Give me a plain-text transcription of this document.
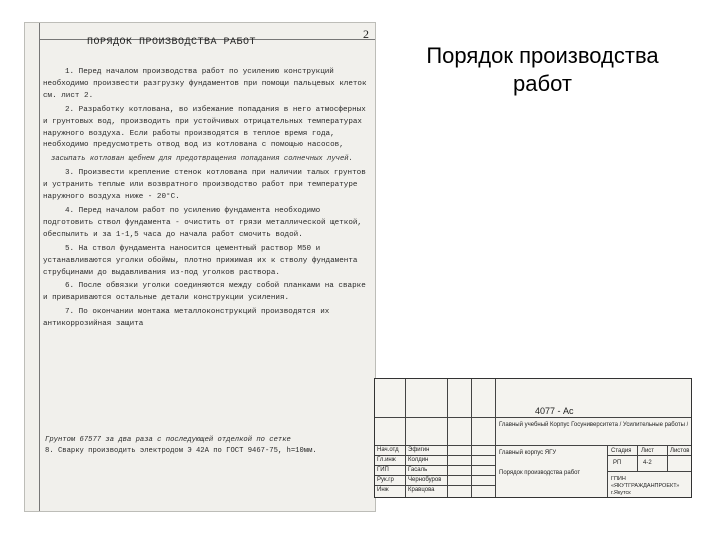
Порядок производства работ
2
ПОРЯДОК ПРОИЗВОДСТВА РАБОТ

1. Перед началом производства работ по усилению конструкций необходимо произвести разгрузку фундаментов при помощи пальцевых клеток см. лист 2.

2. Разработку котлована, во избежание попадания в него атмосферных и грунтовых вод, производить при устойчивых отрицательных температурах наружного воздуха. Если работы производятся в теплое время года, необходимо предусмотреть отвод вод из котлована с помощью насосов,

засыпать котлован щебнем для предотвращения попадания солнечных лучей.

3. Произвести крепление стенок котлована при наличии талых грунтов и устранить теплые или возвратного производство работ при температуре наружного воздуха ниже - 20°С.

4. Перед началом работ по усилению фундамента необходимо подготовить ствол фундамента - очистить от грязи металлической щеткой, обеспылить и за 1-1,5 часа до начала работ смочить водой.

5. На ствол фундамента наносится цементный раствор М50 и устанавливаются уголки обоймы, плотно прижимая их к стволу фундамента струбцинами до выдавливания из-под уголков раствора.

6. После обвязки уголки соединяются между собой планками на сварке и привариваются остальные детали конструкции усиления.

7. По окончании монтажа металлоконструкций производятся их антикоррозийная защита

Грунтом 67577 за два раза с последующей отделкой по сетке
8. Сварку производить электродом Э 42А по ГОСТ 9467-75, h=10мм.
4077 - Ас
Главный учебный Корпус Госуниверситета / Усилительные работы /
Главный корпус ЯГУ
Порядок производства работ
Стадия Лист	Листов
РП	4-2
ГПИН «ЯКУТГРАЖДАНПРОЕКТ» г.Якутск
Нач.отд
Гл.инж
ГИП
Рук.гр
Инж
Эфигин
Колдин
Гасаль
Чернобуров
Кравцова
